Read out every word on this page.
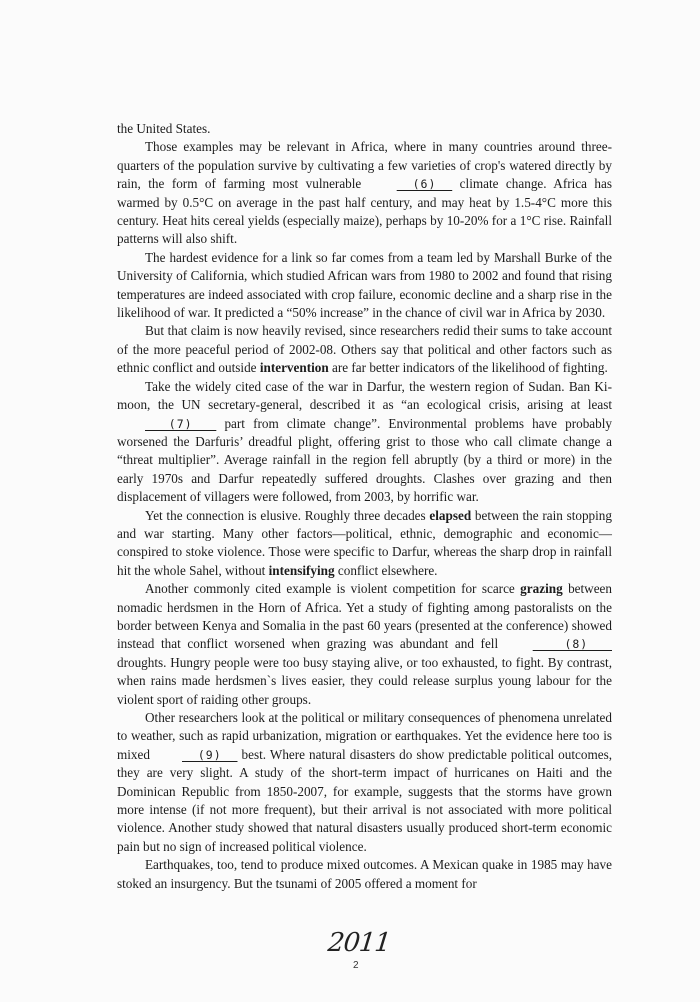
the United States.

Those examples may be relevant in Africa, where in many countries around three-quarters of the population survive by cultivating a few varieties of crop's watered directly by rain, the form of farming most vulnerable __(6)__ climate change. Africa has warmed by 0.5°C on average in the past half century, and may heat by 1.5-4°C more this century. Heat hits cereal yields (especially maize), perhaps by 10-20% for a 1°C rise. Rainfall patterns will also shift.

The hardest evidence for a link so far comes from a team led by Marshall Burke of the University of California, which studied African wars from 1980 to 2002 and found that rising temperatures are indeed associated with crop failure, economic decline and a sharp rise in the likelihood of war. It predicted a “50% increase” in the chance of civil war in Africa by 2030.

But that claim is now heavily revised, since researchers redid their sums to take account of the more peaceful period of 2002-08. Others say that political and other factors such as ethnic conflict and outside intervention are far better indicators of the likelihood of fighting.

Take the widely cited case of the war in Darfur, the western region of Sudan. Ban Ki-moon, the UN secretary-general, described it as “an ecological crisis, arising at least ___(7)___ part from climate change”. Environmental problems have probably worsened the Darfuris’ dreadful plight, offering grist to those who call climate change a “threat multiplier”. Average rainfall in the region fell abruptly (by a third or more) in the early 1970s and Darfur repeatedly suffered droughts. Clashes over grazing and then displacement of villagers were followed, from 2003, by horrific war.

Yet the connection is elusive. Roughly three decades elapsed between the rain stopping and war starting. Many other factors—political, ethnic, demographic and economic—conspired to stoke violence. Those were specific to Darfur, whereas the sharp drop in rainfall hit the whole Sahel, without intensifying conflict elsewhere.

Another commonly cited example is violent competition for scarce grazing between nomadic herdsmen in the Horn of Africa. Yet a study of fighting among pastoralists on the border between Kenya and Somalia in the past 60 years (presented at the conference) showed instead that conflict worsened when grazing was abundant and fell ____(8)___ droughts. Hungry people were too busy staying alive, or too exhausted, to fight. By contrast, when rains made herdsmen`s lives easier, they could release surplus young labour for the violent sport of raiding other groups.

Other researchers look at the political or military consequences of phenomena unrelated to weather, such as rapid urbanization, migration or earthquakes. Yet the evidence here too is mixed __(9)__ best. Where natural disasters do show predictable political outcomes, they are very slight. A study of the short-term impact of hurricanes on Haiti and the Dominican Republic from 1850-2007, for example, suggests that the storms have grown more intense (if not more frequent), but their arrival is not associated with more political violence. Another study showed that natural disasters usually produced short-term economic pain but no sign of increased political violence.

Earthquakes, too, tend to produce mixed outcomes. A Mexican quake in 1985 may have stoked an insurgency. But the tsunami of 2005 offered a moment for

2011
2
